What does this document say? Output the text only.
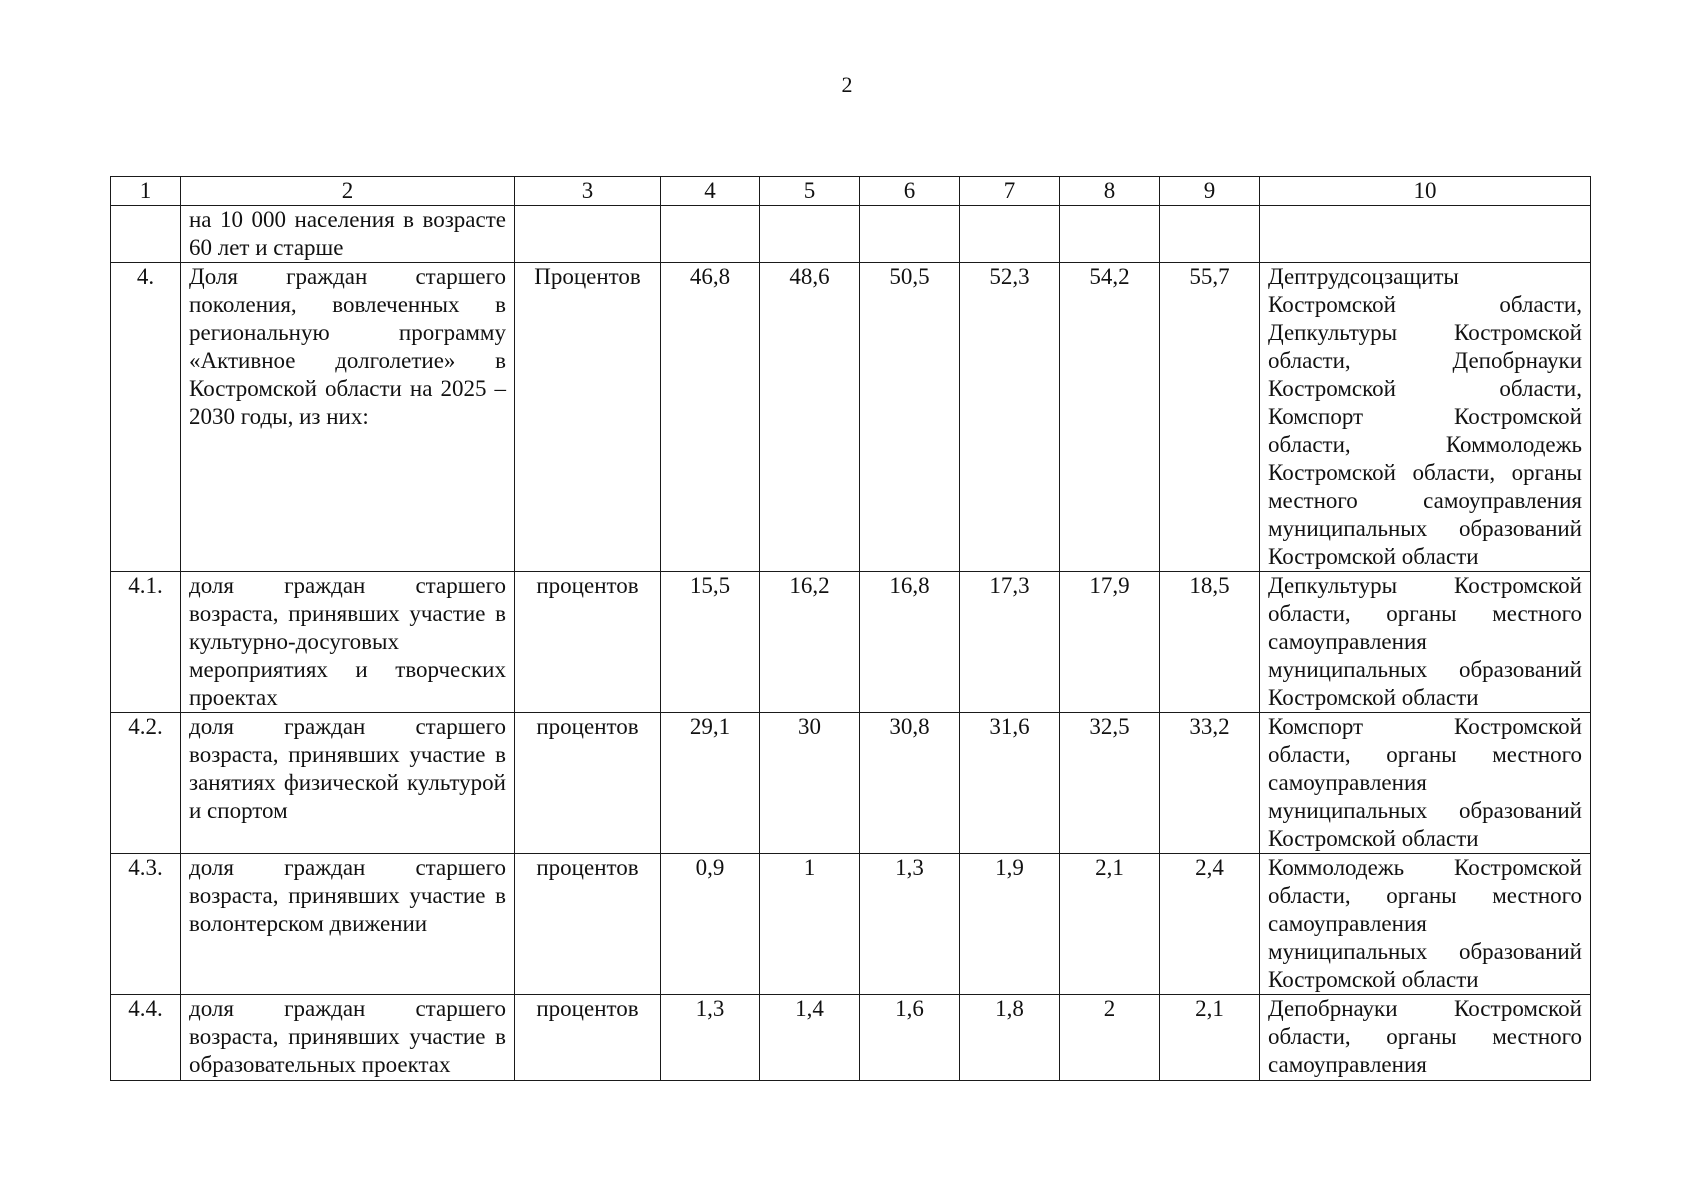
2
1	2	3	4	5	6	7	8	9	10
	на 10 000 населения в возрасте 60 лет и старше								
4.	Доля граждан старшего поколения, вовлеченных в региональную программу «Активное долголетие» в Костромской области на 2025 – 2030 годы, из них:	Процентов	46,8	48,6	50,5	52,3	54,2	55,7	Дептрудсоцзащиты Костромской области, Депкультуры Костромской области, Депобрнауки Костромской области, Комспорт Костромской области, Коммолодежь Костромской области, органы местного самоуправления муниципальных образований Костромской области
4.1.	доля граждан старшего возраста, принявших участие в культурно-досуговых мероприятиях и творческих проектах	процентов	15,5	16,2	16,8	17,3	17,9	18,5	Депкультуры Костромской области, органы местного самоуправления муниципальных образований Костромской области
4.2.	доля граждан старшего возраста, принявших участие в занятиях физической культурой и спортом	процентов	29,1	30	30,8	31,6	32,5	33,2	Комспорт Костромской области, органы местного самоуправления муниципальных образований Костромской области
4.3.	доля граждан старшего возраста, принявших участие в волонтерском движении	процентов	0,9	1	1,3	1,9	2,1	2,4	Коммолодежь Костромской области, органы местного самоуправления муниципальных образований Костромской области
4.4.	доля граждан старшего возраста, принявших участие в образовательных проектах	процентов	1,3	1,4	1,6	1,8	2	2,1	Депобрнауки Костромской области, органы местного самоуправления
